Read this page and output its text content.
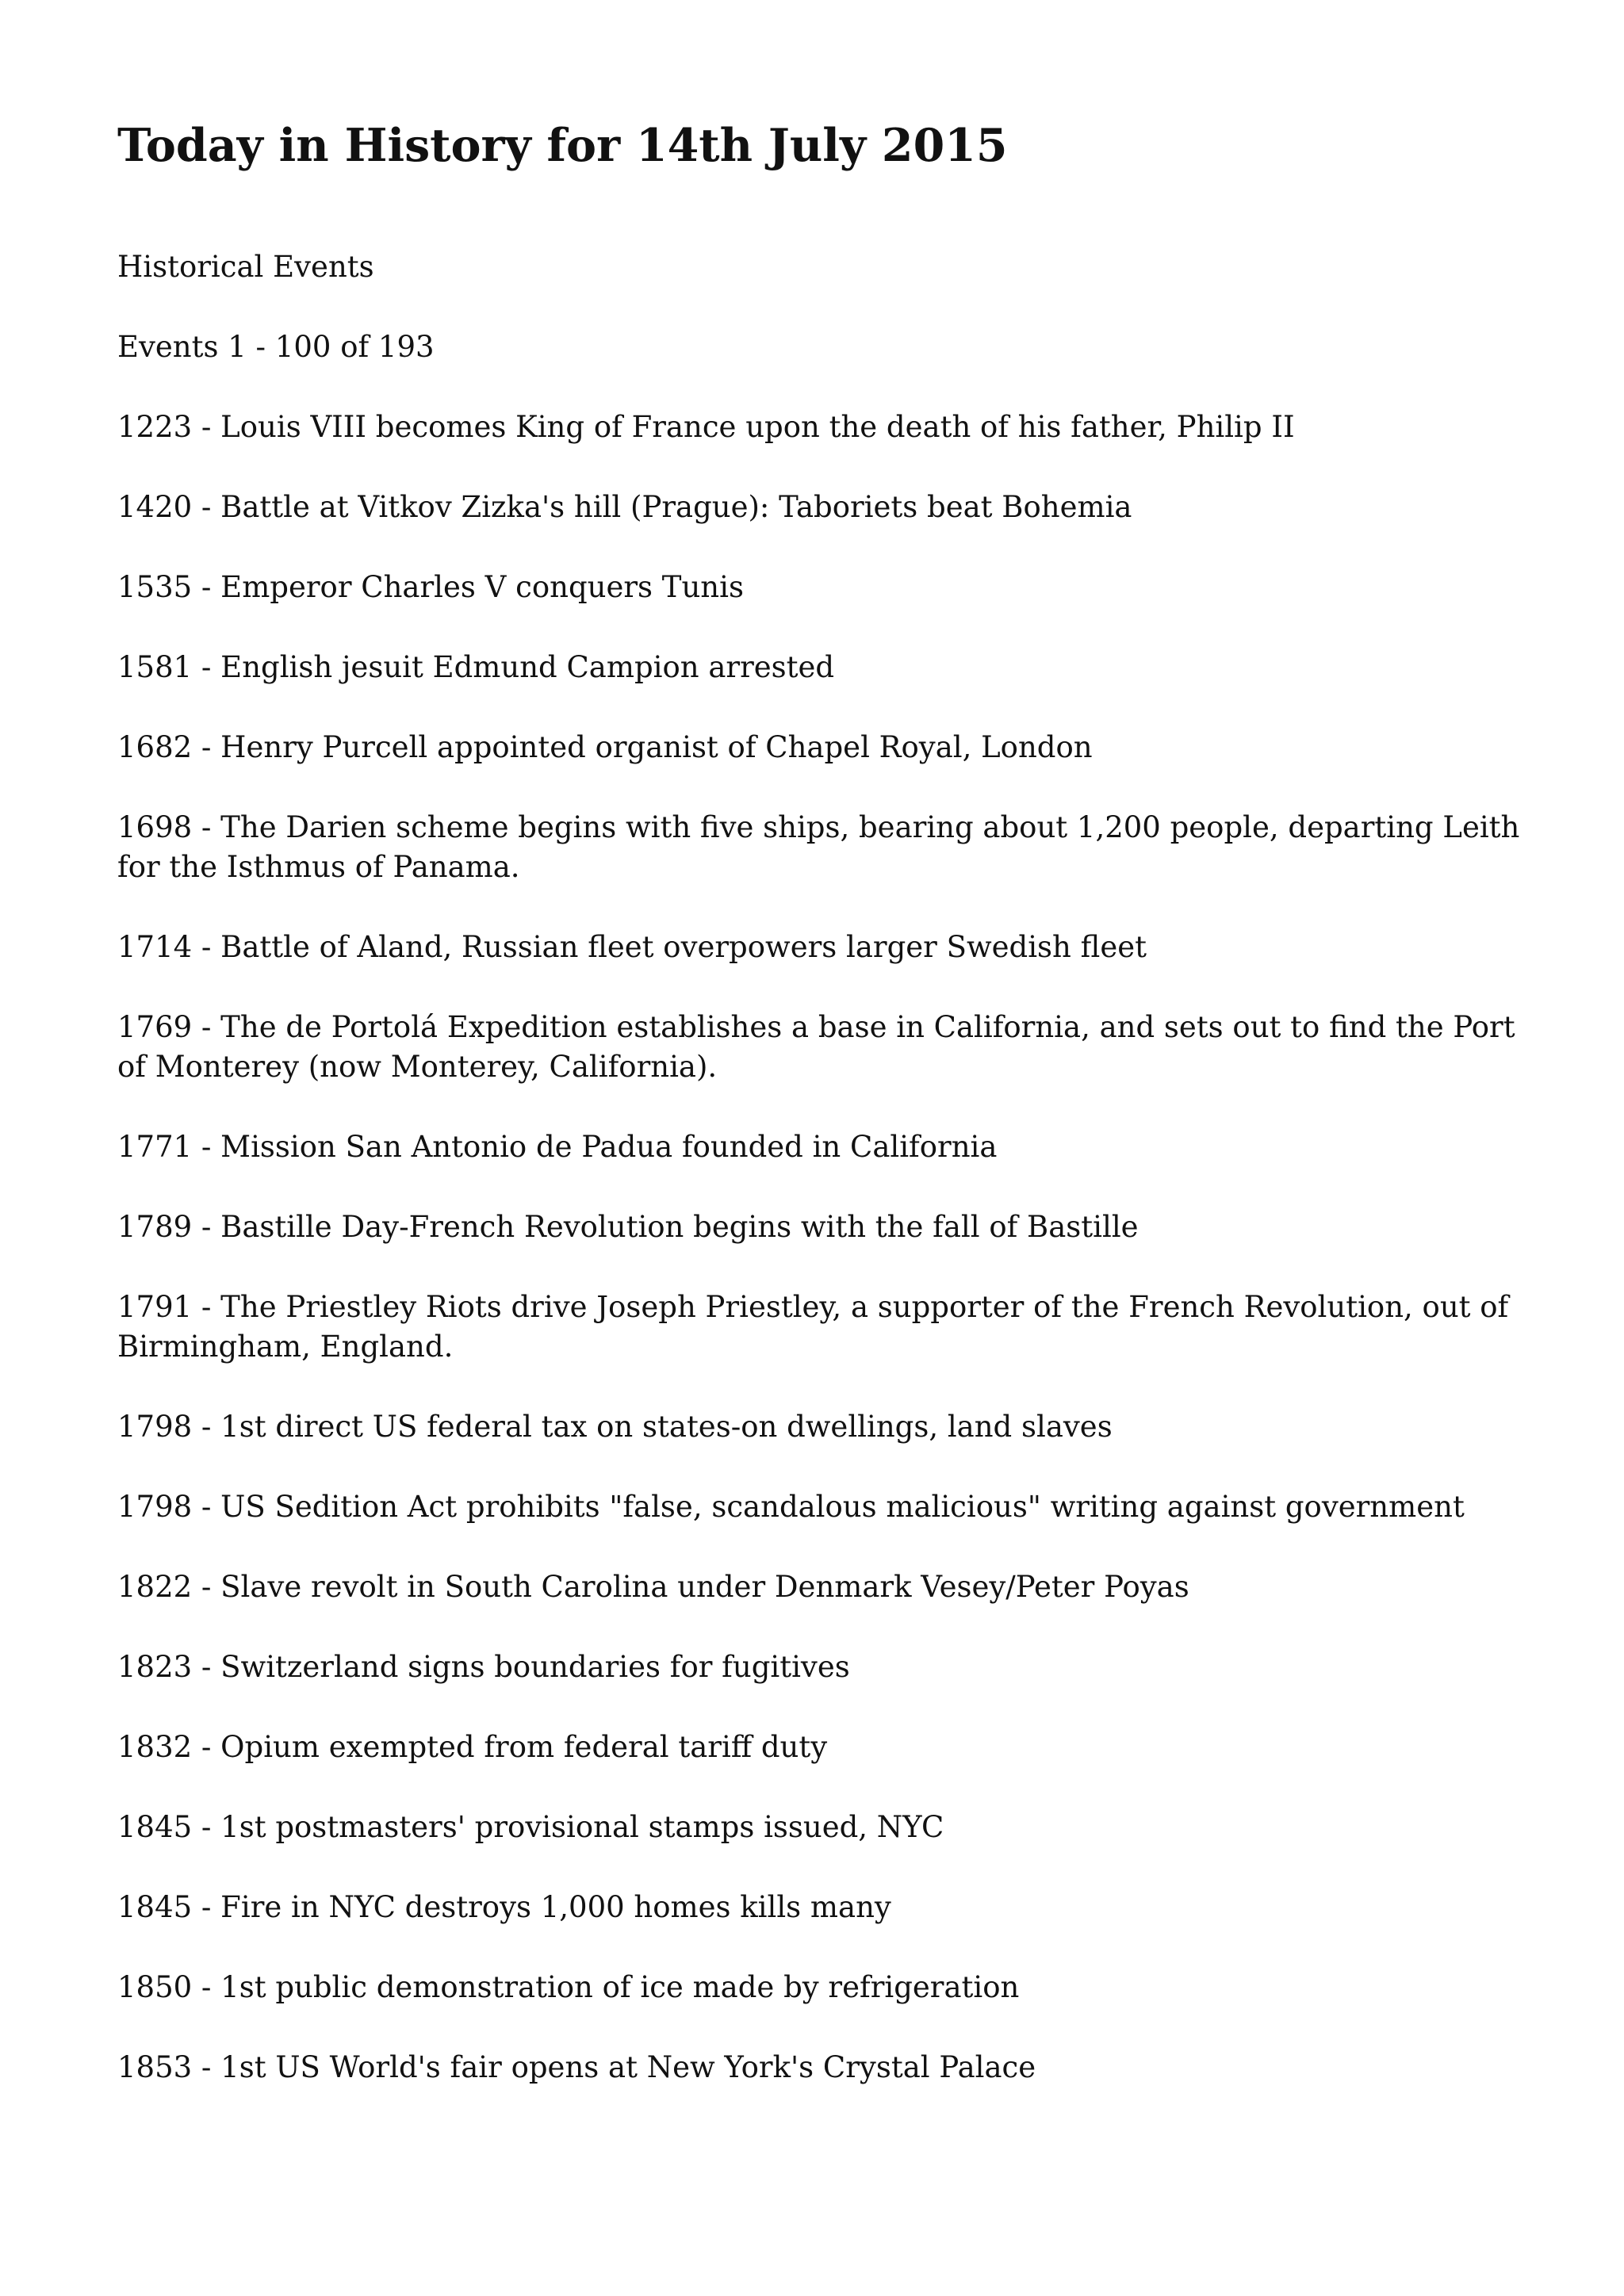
Today in History for 14th July 2015

Historical Events

Events 1 - 100 of 193

1223 - Louis VIII becomes King of France upon the death of his father, Philip II
1420 - Battle at Vitkov Zizka's hill (Prague): Taboriets beat Bohemia
1535 - Emperor Charles V conquers Tunis
1581 - English jesuit Edmund Campion arrested
1682 - Henry Purcell appointed organist of Chapel Royal, London
1698 - The Darien scheme begins with five ships, bearing about 1,200 people, departing Leith for the Isthmus of Panama.
1714 - Battle of Aland, Russian fleet overpowers larger Swedish fleet
1769 - The de Portolá Expedition establishes a base in California, and sets out to find the Port of Monterey (now Monterey, California).
1771 - Mission San Antonio de Padua founded in California
1789 - Bastille Day-French Revolution begins with the fall of Bastille
1791 - The Priestley Riots drive Joseph Priestley, a supporter of the French Revolution, out of Birmingham, England.
1798 - 1st direct US federal tax on states-on dwellings, land slaves
1798 - US Sedition Act prohibits "false, scandalous malicious" writing against government
1822 - Slave revolt in South Carolina under Denmark Vesey/Peter Poyas
1823 - Switzerland signs boundaries for fugitives
1832 - Opium exempted from federal tariff duty
1845 - 1st postmasters' provisional stamps issued, NYC
1845 - Fire in NYC destroys 1,000 homes kills many
1850 - 1st public demonstration of ice made by refrigeration
1853 - 1st US World's fair opens at New York's Crystal Palace
